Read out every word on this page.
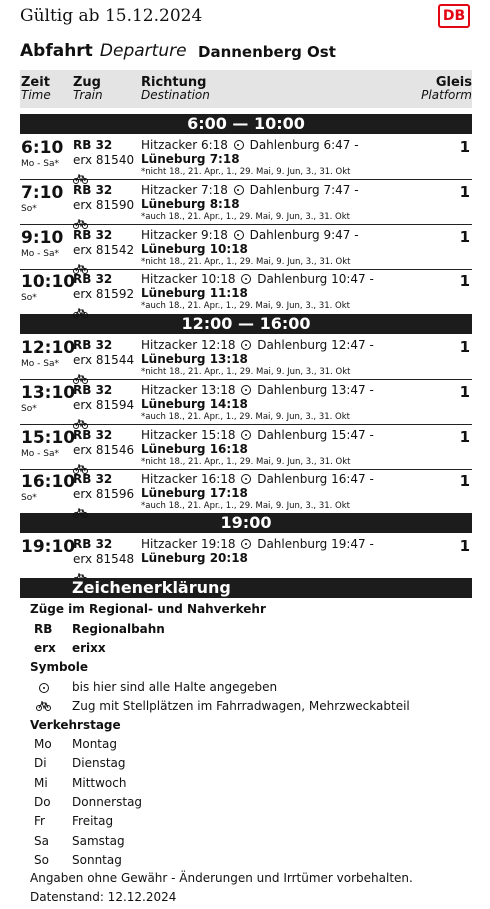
Gültig ab 15.12.2024	DB
Abfahrt Departure Dannenberg Ost
Zeit
Time
Zug
Train
Richtung
Destination
Gleis
Platform
6:00 — 10:00
12:00 — 16:00
19:00
6:10
Mo - Sa*
RB 32
erx 81540
Hitzacker 6:18 Dahlenburg 6:47 -
Lüneburg 7:18
*nicht 18., 21. Apr., 1., 29. Mai, 9. Jun, 3., 31. Okt
1
7:10
So*
RB 32
erx 81590
Hitzacker 7:18 Dahlenburg 7:47 -
Lüneburg 8:18
*auch 18., 21. Apr., 1., 29. Mai, 9. Jun, 3., 31. Okt
1
9:10
Mo - Sa*
RB 32
erx 81542
Hitzacker 9:18 Dahlenburg 9:47 -
Lüneburg 10:18
*nicht 18., 21. Apr., 1., 29. Mai, 9. Jun, 3., 31. Okt
1
10:10
So*
RB 32
erx 81592
Hitzacker 10:18 Dahlenburg 10:47 -
Lüneburg 11:18
*auch 18., 21. Apr., 1., 29. Mai, 9. Jun, 3., 31. Okt
1
12:10
Mo - Sa*
RB 32
erx 81544
Hitzacker 12:18 Dahlenburg 12:47 -
Lüneburg 13:18
*nicht 18., 21. Apr., 1., 29. Mai, 9. Jun, 3., 31. Okt
1
13:10
So*
RB 32
erx 81594
Hitzacker 13:18 Dahlenburg 13:47 -
Lüneburg 14:18
*auch 18., 21. Apr., 1., 29. Mai, 9. Jun, 3., 31. Okt
1
15:10
Mo - Sa*
RB 32
erx 81546
Hitzacker 15:18 Dahlenburg 15:47 -
Lüneburg 16:18
*nicht 18., 21. Apr., 1., 29. Mai, 9. Jun, 3., 31. Okt
1
16:10
So*
RB 32
erx 81596
Hitzacker 16:18 Dahlenburg 16:47 -
Lüneburg 17:18
*auch 18., 21. Apr., 1., 29. Mai, 9. Jun, 3., 31. Okt
1
19:10
RB 32
erx 81548
Hitzacker 19:18 Dahlenburg 19:47 -
Lüneburg 20:18
1
Zeichenerklärung
Züge im Regional- und Nahverkehr
RB Regionalbahn
erx erixx
Symbole
bis hier sind alle Halte angegeben
Zug mit Stellplätzen im Fahrradwagen, Mehrzweckabteil
Verkehrstage
Mo Montag
Di Dienstag
Mi Mittwoch
Do Donnerstag
Fr Freitag
Sa Samstag
So Sonntag
Angaben ohne Gewähr - Änderungen und Irrtümer vorbehalten.
Datenstand: 12.12.2024
